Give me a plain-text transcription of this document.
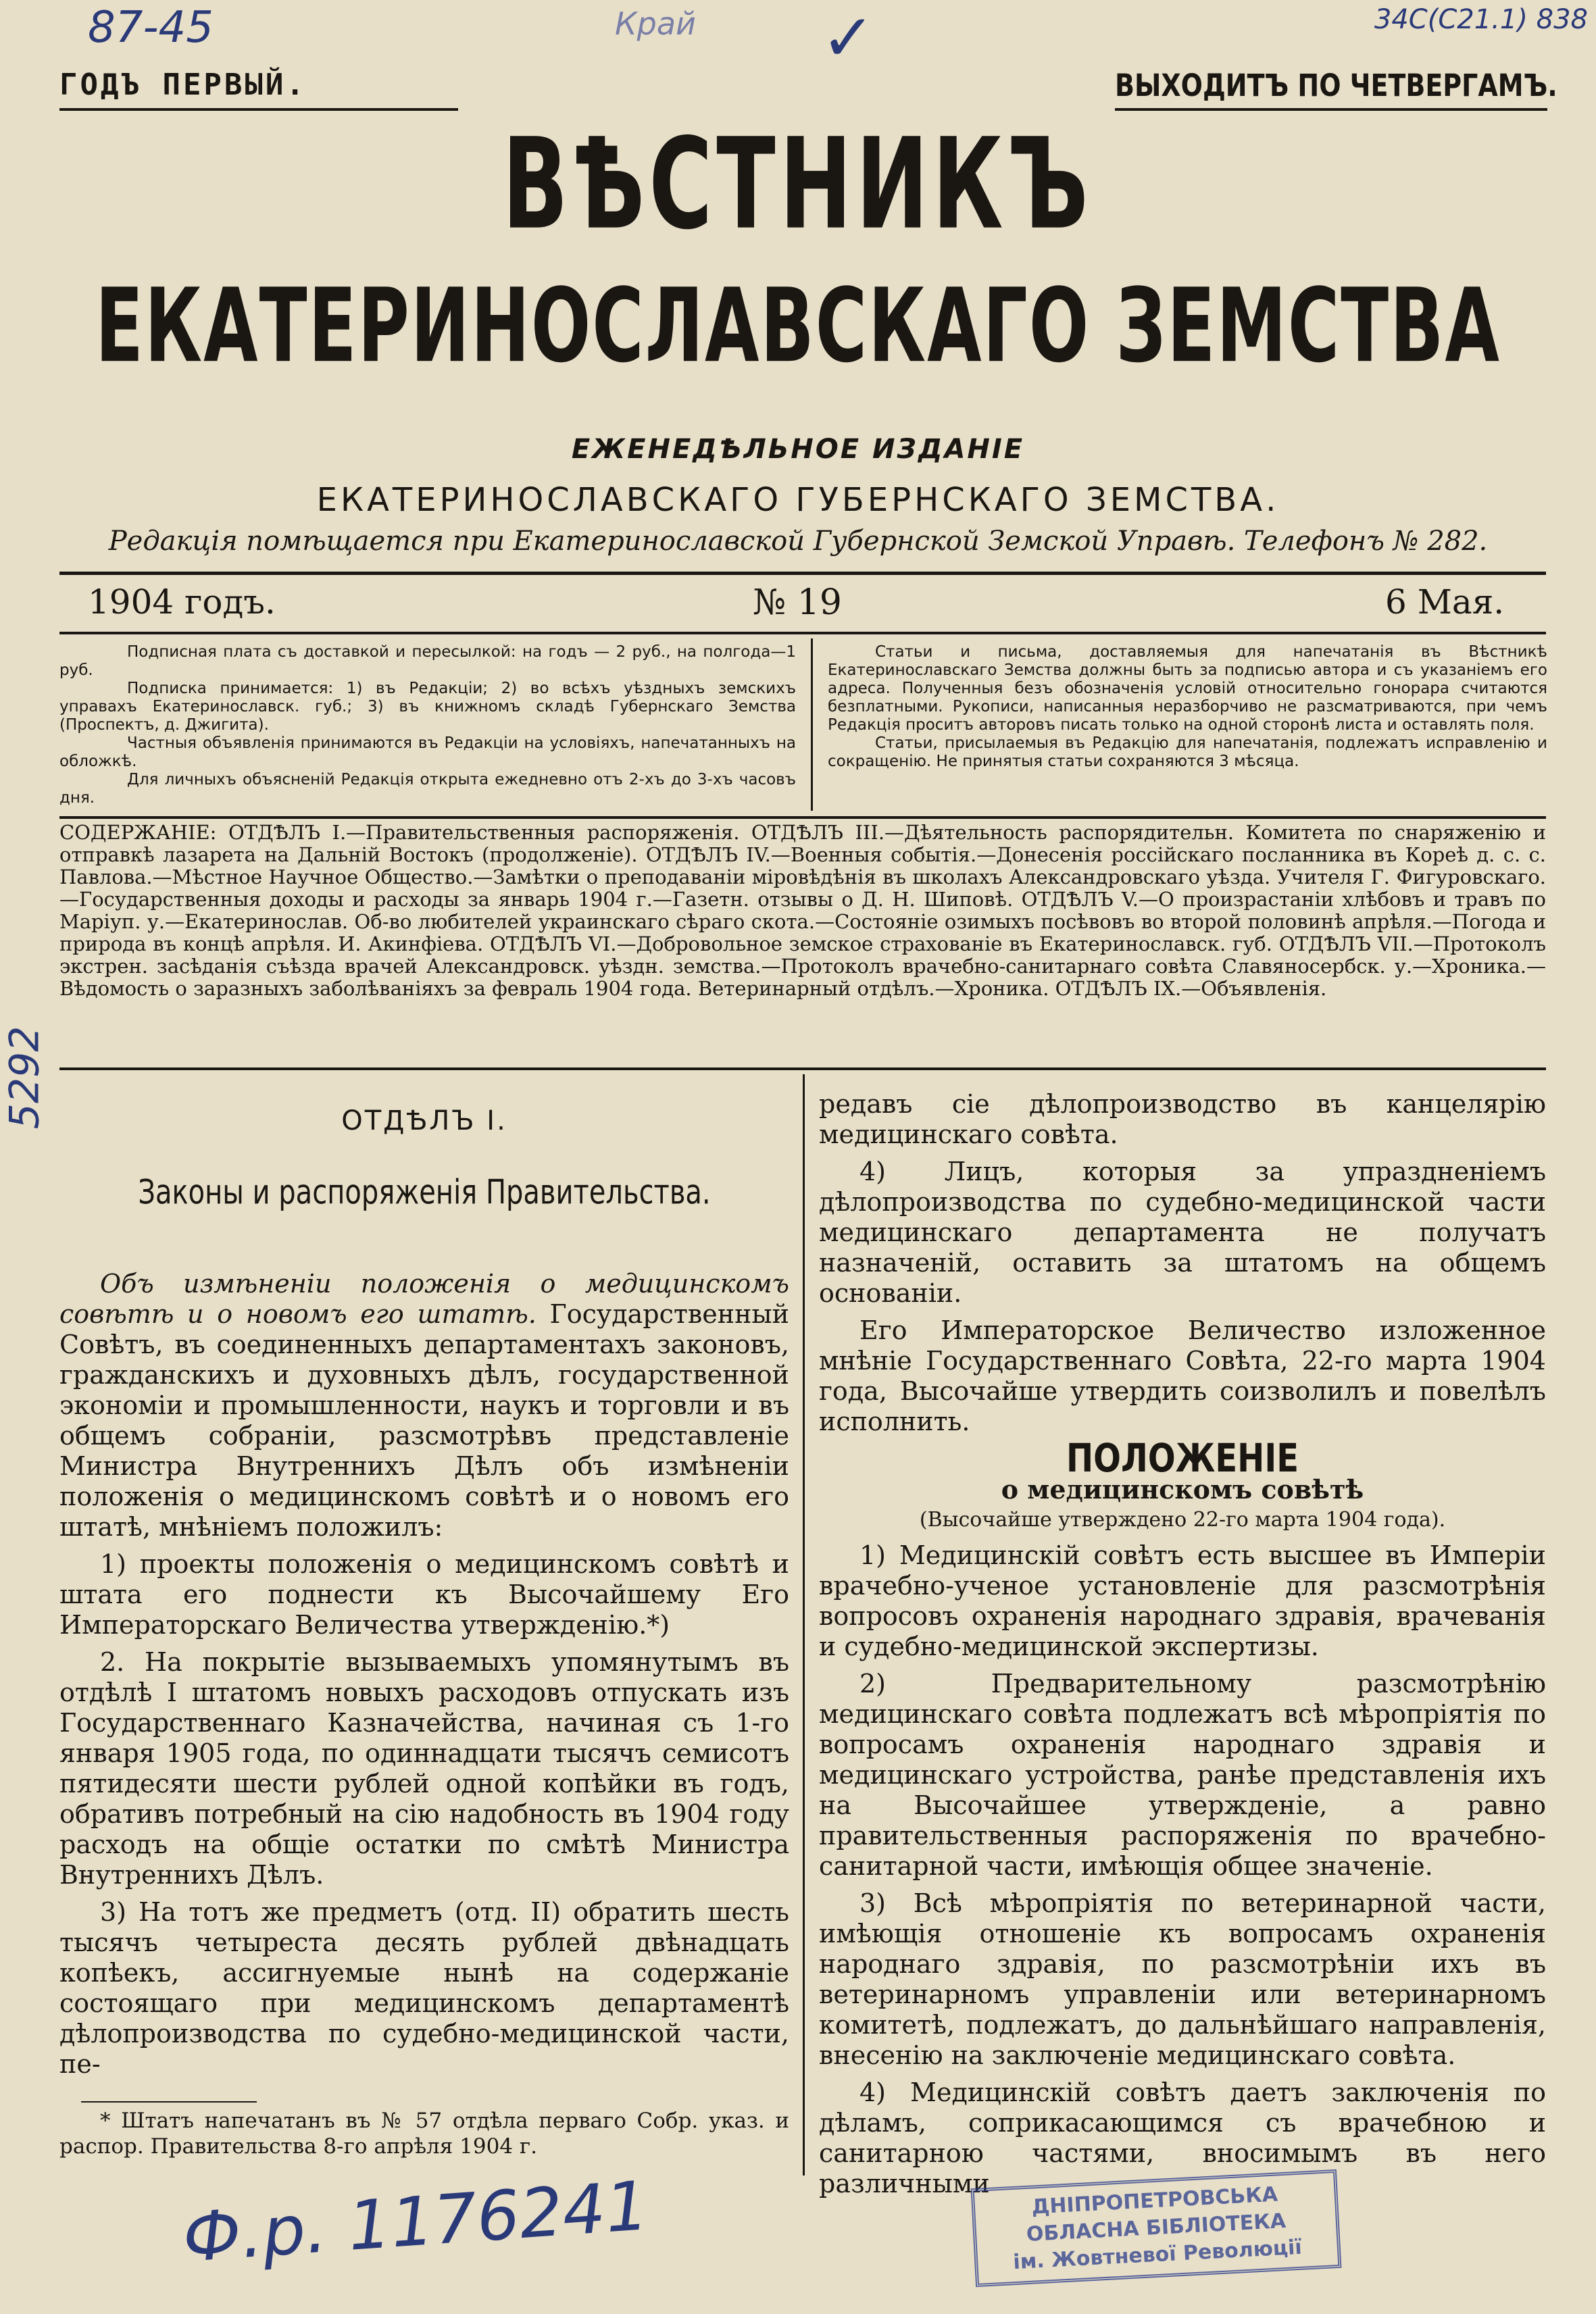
87-45	Край ✓	34С(С21.1) 838
5292
ГОДЪ ПЕРВЫЙ.	ВЫХОДИТЪ ПО ЧЕТВЕРГАМЪ.
ВѢСТНИКЪ
ЕКАТЕРИНОСЛАВСКАГО ЗЕМСТВА
ЕЖЕНЕДѢЛЬНОЕ ИЗДАНІЕ
ЕКАТЕРИНОСЛАВСКАГО ГУБЕРНСКАГО ЗЕМСТВА.
Редакція помѣщается при Екатеринославской Губернской Земской Управѣ. Телефонъ № 282.
1904 годъ.	№ 19	6 Мая.
Подписная плата съ доставкой и пересылкой: на годъ — 2 руб., на полгода—1 руб.
Подписка принимается: 1) въ Редакціи; 2) во всѣхъ уѣздныхъ земскихъ управахъ Екатеринославск. губ.; 3) въ книжномъ складѣ Губернскаго Земства (Проспектъ, д. Джигита).
Частныя объявленія принимаются въ Редакціи на условіяхъ, напечатанныхъ на обложкѣ.
Для личныхъ объясненій Редакція открыта ежедневно отъ 2-хъ до 3-хъ часовъ дня.
Статьи и письма, доставляемыя для напечатанія въ Вѣстникѣ Екатеринославскаго Земства должны быть за подписью автора и съ указаніемъ его адреса. Полученныя безъ обозначенія условій относительно гонорара считаются безплатными. Рукописи, написанныя неразборчиво не разсматриваются, при чемъ Редакція проситъ авторовъ писать только на одной сторонѣ листа и оставлять поля.
Статьи, присылаемыя въ Редакцію для напечатанія, подлежатъ исправленію и сокращенію. Не принятыя статьи сохраняются 3 мѣсяца.
СОДЕРЖАНІЕ: ОТДѢЛЪ I.—Правительственныя распоряженія. ОТДѢЛЪ III.—Дѣятельность распорядительн. Комитета по снаряженію и отправкѣ лазарета на Дальній Востокъ (продолженіе). ОТДѢЛЪ IV.—Военныя событія.—Донесенія россійскаго посланника въ Кореѣ д. с. с. Павлова.—Мѣстное Научное Общество.—Замѣтки о преподаваніи міровѣдѣнія въ школахъ Александровскаго уѣзда. Учителя Г. Фигуровскаго.—Государственныя доходы и расходы за январь 1904 г.—Газетн. отзывы о Д. Н. Шиповѣ. ОТДѢЛЪ V.—О произрастаніи хлѣбовъ и травъ по Маріуп. у.—Екатеринослав. Об-во любителей украинскаго сѣраго скота.—Состояніе озимыхъ посѣвовъ во второй половинѣ апрѣля.—Погода и природа въ концѣ апрѣля. И. Акинфіева. ОТДѢЛЪ VI.—Добровольное земское страхованіе въ Екатеринославск. губ. ОТДѢЛЪ VII.—Протоколъ экстрен. засѣданія съѣзда врачей Александровск. уѣздн. земства.—Протоколъ врачебно-санитарнаго совѣта Славяносербск. у.—Хроника.—Вѣдомость о заразныхъ заболѣваніяхъ за февраль 1904 года. Ветеринарный отдѣлъ.—Хроника. ОТДѢЛЪ IX.—Объявленія.
ОТДѢЛЪ I.
Законы и распоряженія Правительства.

Объ измѣненіи положенія о медицинскомъ совѣтѣ и о новомъ его штатѣ. Государственный Совѣтъ, въ соединенныхъ департаментахъ законовъ, гражданскихъ и духовныхъ дѣлъ, государственной экономіи и промышленности, наукъ и торговли и въ общемъ собраніи, разсмотрѣвъ представленіе Министра Внутреннихъ Дѣлъ объ измѣненіи положенія о медицинскомъ совѣтѣ и о новомъ его штатѣ, мнѣніемъ положилъ:

1) проекты положенія о медицинскомъ совѣтѣ и штата его поднести къ Высочайшему Его Императорскаго Величества утвержденію.*)

2. На покрытіе вызываемыхъ упомянутымъ въ отдѣлѣ I штатомъ новыхъ расходовъ отпускать изъ Государственнаго Казначейства, начиная съ 1-го января 1905 года, по одиннадцати тысячъ семисотъ пятидесяти шести рублей одной копѣйки въ годъ, обративъ потребный на сію надобность въ 1904 году расходъ на общіе остатки по смѣтѣ Министра Внутреннихъ Дѣлъ.

3) На тотъ же предметъ (отд. II) обратить шесть тысячъ четыреста десять рублей двѣнадцать копѣекъ, ассигнуемые нынѣ на содержаніе состоящаго при медицинскомъ департаментѣ дѣлопроизводства по судебно-медицинской части, пе-

* Штатъ напечатанъ въ № 57 отдѣла перваго Собр. указ. и распор. Правительства 8-го апрѣля 1904 г.

редавъ сіе дѣлопроизводство въ канцелярію медицинскаго совѣта.

4) Лицъ, которыя за упраздненіемъ дѣлопроизводства по судебно-медицинской части медицинскаго департамента не получатъ назначеній, оставить за штатомъ на общемъ основаніи.

Его Императорское Величество изложенное мнѣніе Государственнаго Совѣта, 22-го марта 1904 года, Высочайше утвердить соизволилъ и повелѣлъ исполнить.

ПОЛОЖЕНІЕ
о медицинскомъ совѣтѣ
(Высочайше утверждено 22-го марта 1904 года).

1) Медицинскій совѣтъ есть высшее въ Имперіи врачебно-ученое установленіе для разсмотрѣнія вопросовъ охраненія народнаго здравія, врачеванія и судебно-медицинской экспертизы.

2) Предварительному разсмотрѣнію медицинскаго совѣта подлежатъ всѣ мѣропріятія по вопросамъ охраненія народнаго здравія и медицинскаго устройства, ранѣе представленія ихъ на Высочайшее утвержденіе, а равно правительственныя распоряженія по врачебно-санитарной части, имѣющія общее значеніе.

3) Всѣ мѣропріятія по ветеринарной части, имѣющія отношеніе къ вопросамъ охраненія народнаго здравія, по разсмотрѣніи ихъ въ ветеринарномъ управленіи или ветеринарномъ комитетѣ, подлежатъ, до дальнѣйшаго направленія, внесенію на заключеніе медицинскаго совѣта.

4) Медицинскій совѣтъ даетъ заключенія по дѣламъ, соприкасающимся съ врачебною и санитарною частями, вносимымъ въ него различными

Ф.р. 1176241	ДНІПРОПЕТРОВСЬКА
ОБЛАСНА БІБЛІОТЕКА
ім. Жовтневої Революції
